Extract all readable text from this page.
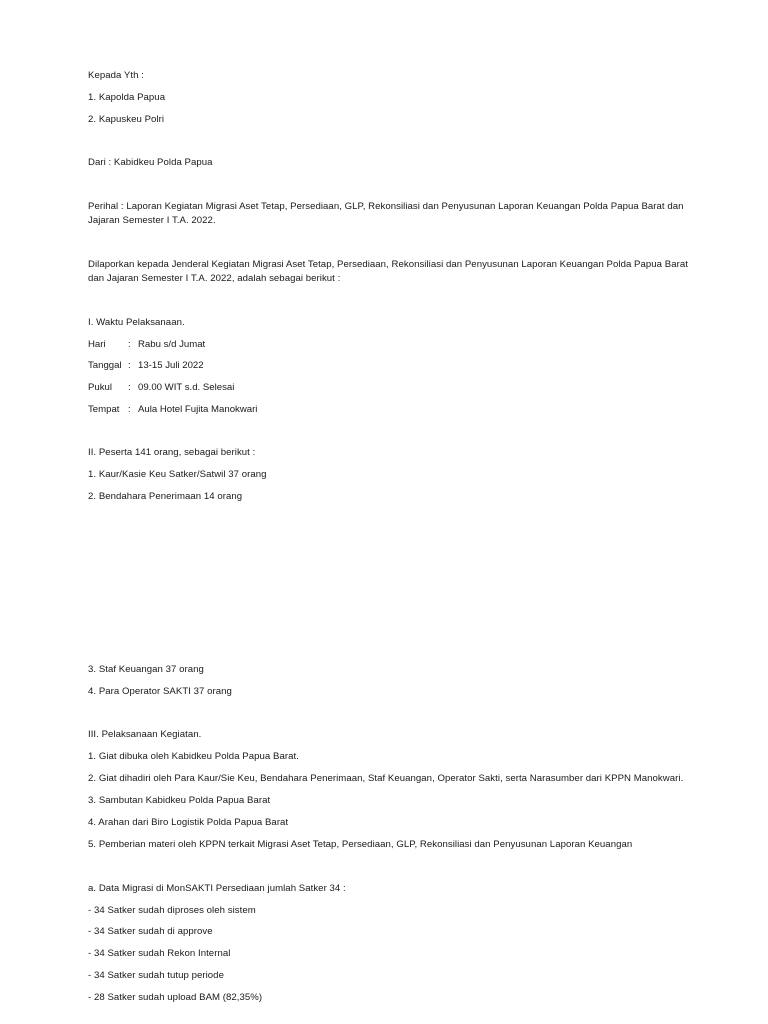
Kepada Yth :
1. Kapolda Papua
2. Kapuskeu Polri
Dari : Kabidkeu Polda Papua
Perihal : Laporan Kegiatan Migrasi Aset Tetap, Persediaan, GLP, Rekonsiliasi dan Penyusunan Laporan Keuangan Polda Papua Barat dan Jajaran Semester I T.A. 2022.
Dilaporkan kepada Jenderal Kegiatan Migrasi Aset Tetap, Persediaan, Rekonsiliasi dan Penyusunan Laporan Keuangan Polda Papua Barat dan Jajaran Semester I T.A. 2022, adalah sebagai berikut :
I. Waktu Pelaksanaan.
Hari	: Rabu s/d Jumat
Tanggal : 13-15 Juli 2022
Pukul	: 09.00 WIT s.d. Selesai
Tempat : Aula Hotel Fujita Manokwari
II. Peserta 141 orang, sebagai berikut :
1. Kaur/Kasie Keu Satker/Satwil 37 orang
2. Bendahara Penerimaan 14 orang
3. Staf Keuangan 37 orang
4. Para Operator SAKTI 37 orang
III. Pelaksanaan Kegiatan.
1. Giat dibuka oleh Kabidkeu Polda Papua Barat.
2. Giat dihadiri oleh Para Kaur/Sie Keu, Bendahara Penerimaan, Staf Keuangan, Operator Sakti, serta Narasumber dari KPPN Manokwari.
3. Sambutan Kabidkeu Polda Papua Barat
4. Arahan dari Biro Logistik Polda Papua Barat
5. Pemberian materi oleh KPPN terkait Migrasi Aset Tetap, Persediaan, GLP, Rekonsiliasi dan Penyusunan Laporan Keuangan
a. Data Migrasi di MonSAKTI Persediaan jumlah Satker 34 :
- 34 Satker sudah diproses oleh sistem
- 34 Satker sudah di approve
- 34 Satker sudah Rekon Internal
- 34 Satker sudah tutup periode
- 28 Satker sudah upload BAM (82,35%)
